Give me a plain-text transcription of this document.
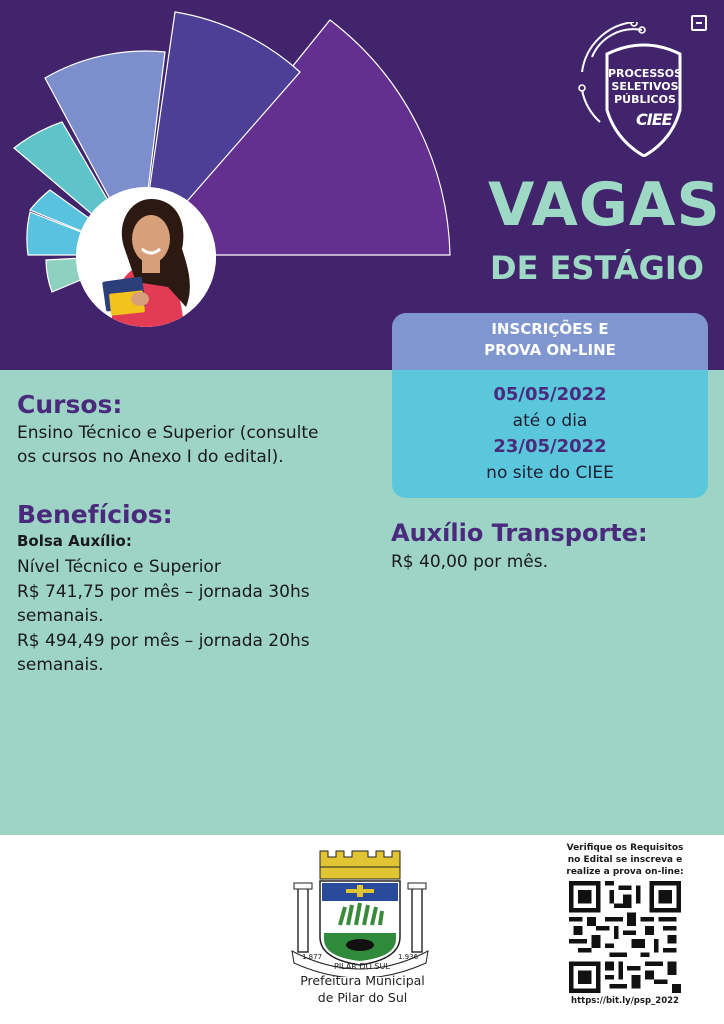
PROCESSOS
SELETIVOS
PÚBLICOS
CIEE
VAGAS
DE ESTÁGIO
INSCRIÇÕES E
PROVA ON-LINE
05/05/2022
até o dia
23/05/2022
no site do CIEE
Cursos:
Ensino Técnico e Superior (consulte
os cursos no Anexo I do edital).
Benefícios:
Bolsa Auxílio:
Nível Técnico e Superior
R$ 741,75 por mês – jornada 30hs
semanais.
R$ 494,49 por mês – jornada 20hs
semanais.
Auxílio Transporte:
R$ 40,00 por mês.
1.877
PILAR DO SUL
1.936
Prefeitura Municipal
de Pilar do Sul
Verifique os Requisitos
no Edital se inscreva e
realize a prova on-line:
https://bit.ly/psp_2022
